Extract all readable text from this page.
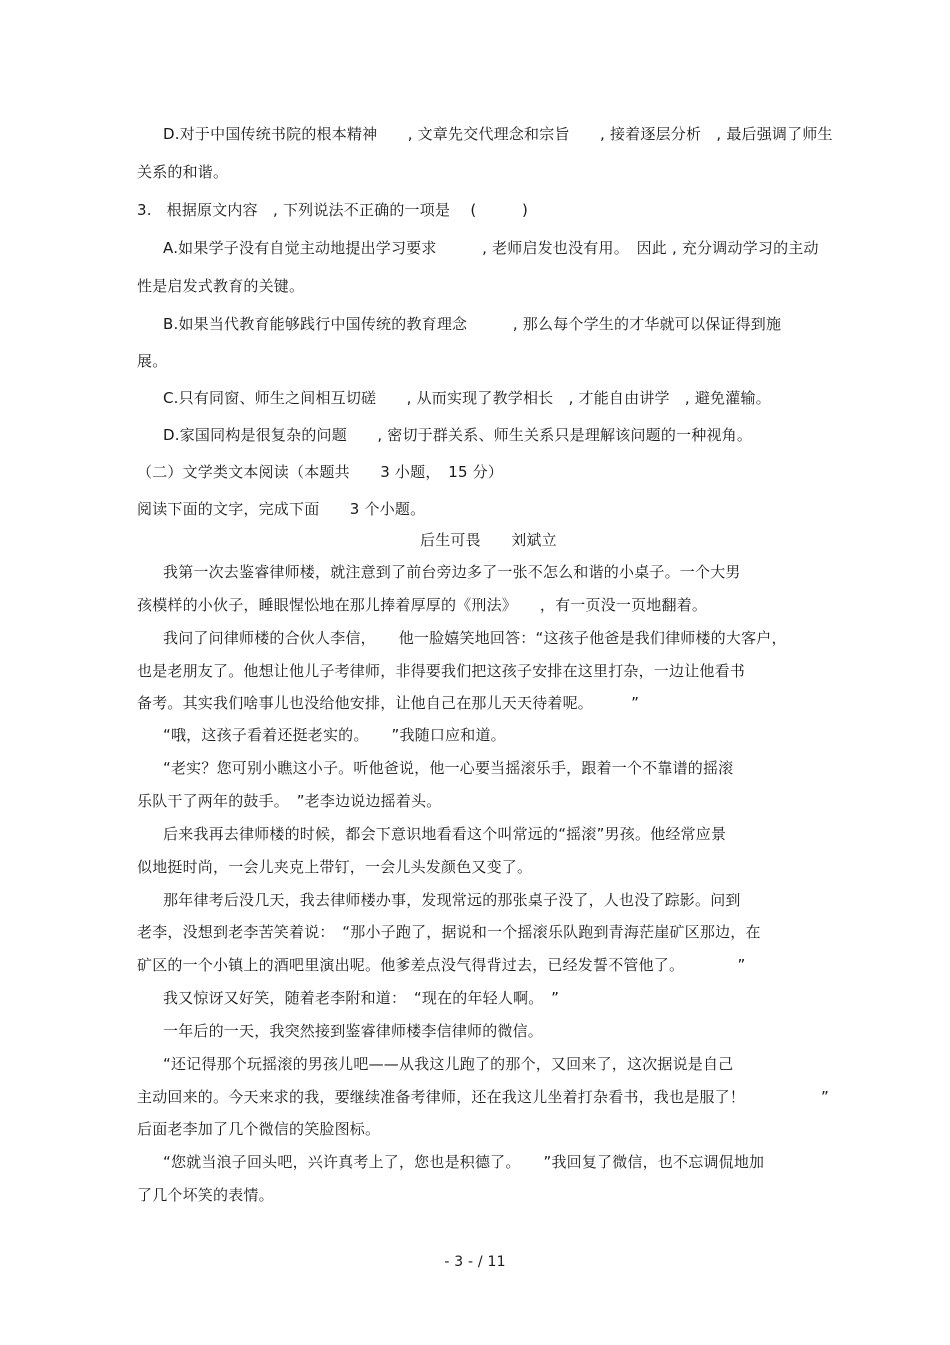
D.对于中国传统书院的根本精神　　, 文章先交代理念和宗旨　　, 接着逐层分析　, 最后强调了师生
关系的和谐。
3.   根据原文内容　, 下列说法不正确的一项是　 (　　　)
A.如果学子没有自觉主动地提出学习要求　　　, 老师启发也没有用。　因此 , 充分调动学习的主动
性是启发式教育的关键。
B.如果当代教育能够践行中国传统的教育理念　　　, 那么每个学生的才华就可以保证得到施
展。
C.只有同窗、师生之间相互切磋　　, 从而实现了教学相长　, 才能自由讲学　, 避免灌输。
D.家国同构是很复杂的问题　　, 密切于群关系、师生关系只是理解该问题的一种视角。
（二）文学类文本阅读（本题共　　3 小题，　15 分）
阅读下面的文字，完成下面　　3 个小题。
后生可畏　　刘斌立
我第一次去鉴睿律师楼，就注意到了前台旁边多了一张不怎么和谐的小桌子。一个大男
孩模样的小伙子，睡眼惺忪地在那儿捧着厚厚的《刑法》　　，有一页没一页地翻着。
我问了问律师楼的合伙人李信，　　他一脸嬉笑地回答：“这孩子他爸是我们律师楼的大客户，
也是老朋友了。他想让他儿子考律师，非得要我们把这孩子安排在这里打杂，一边让他看书
备考。其实我们啥事儿也没给他安排，让他自己在那儿天天待着呢。　　　”
“哦，这孩子看着还挺老实的。　　”我随口应和道。
“老实？您可别小瞧这小子。听他爸说，他一心要当摇滚乐手，跟着一个不靠谱的摇滚
乐队干了两年的鼓手。　”老李边说边摇着头。
后来我再去律师楼的时候，都会下意识地看看这个叫常远的“摇滚”男孩。他经常应景
似地挺时尚，一会儿夹克上带钉，一会儿头发颜色又变了。
那年律考后没几天，我去律师楼办事，发现常远的那张桌子没了，人也没了踪影。问到
老李，没想到老李苦笑着说：　“那小子跑了，据说和一个摇滚乐队跑到青海茫崖矿区那边，在
矿区的一个小镇上的酒吧里演出呢。他爹差点没气得背过去，已经发誓不管他了。　　　　”
我又惊讶又好笑，随着老李附和道：　“现在的年轻人啊。　”
一年后的一天，我突然接到鉴睿律师楼李信律师的微信。
“还记得那个玩摇滚的男孩儿吧——从我这儿跑了的那个，又回来了，这次据说是自己
主动回来的。今天来求的我，要继续准备考律师，还在我这儿坐着打杂看书，我也是服了！　　　　　”
后面老李加了几个微信的笑脸图标。
“您就当浪子回头吧，兴许真考上了，您也是积德了。　　”我回复了微信，也不忘调侃地加
了几个坏笑的表情。
- 3 - / 11
